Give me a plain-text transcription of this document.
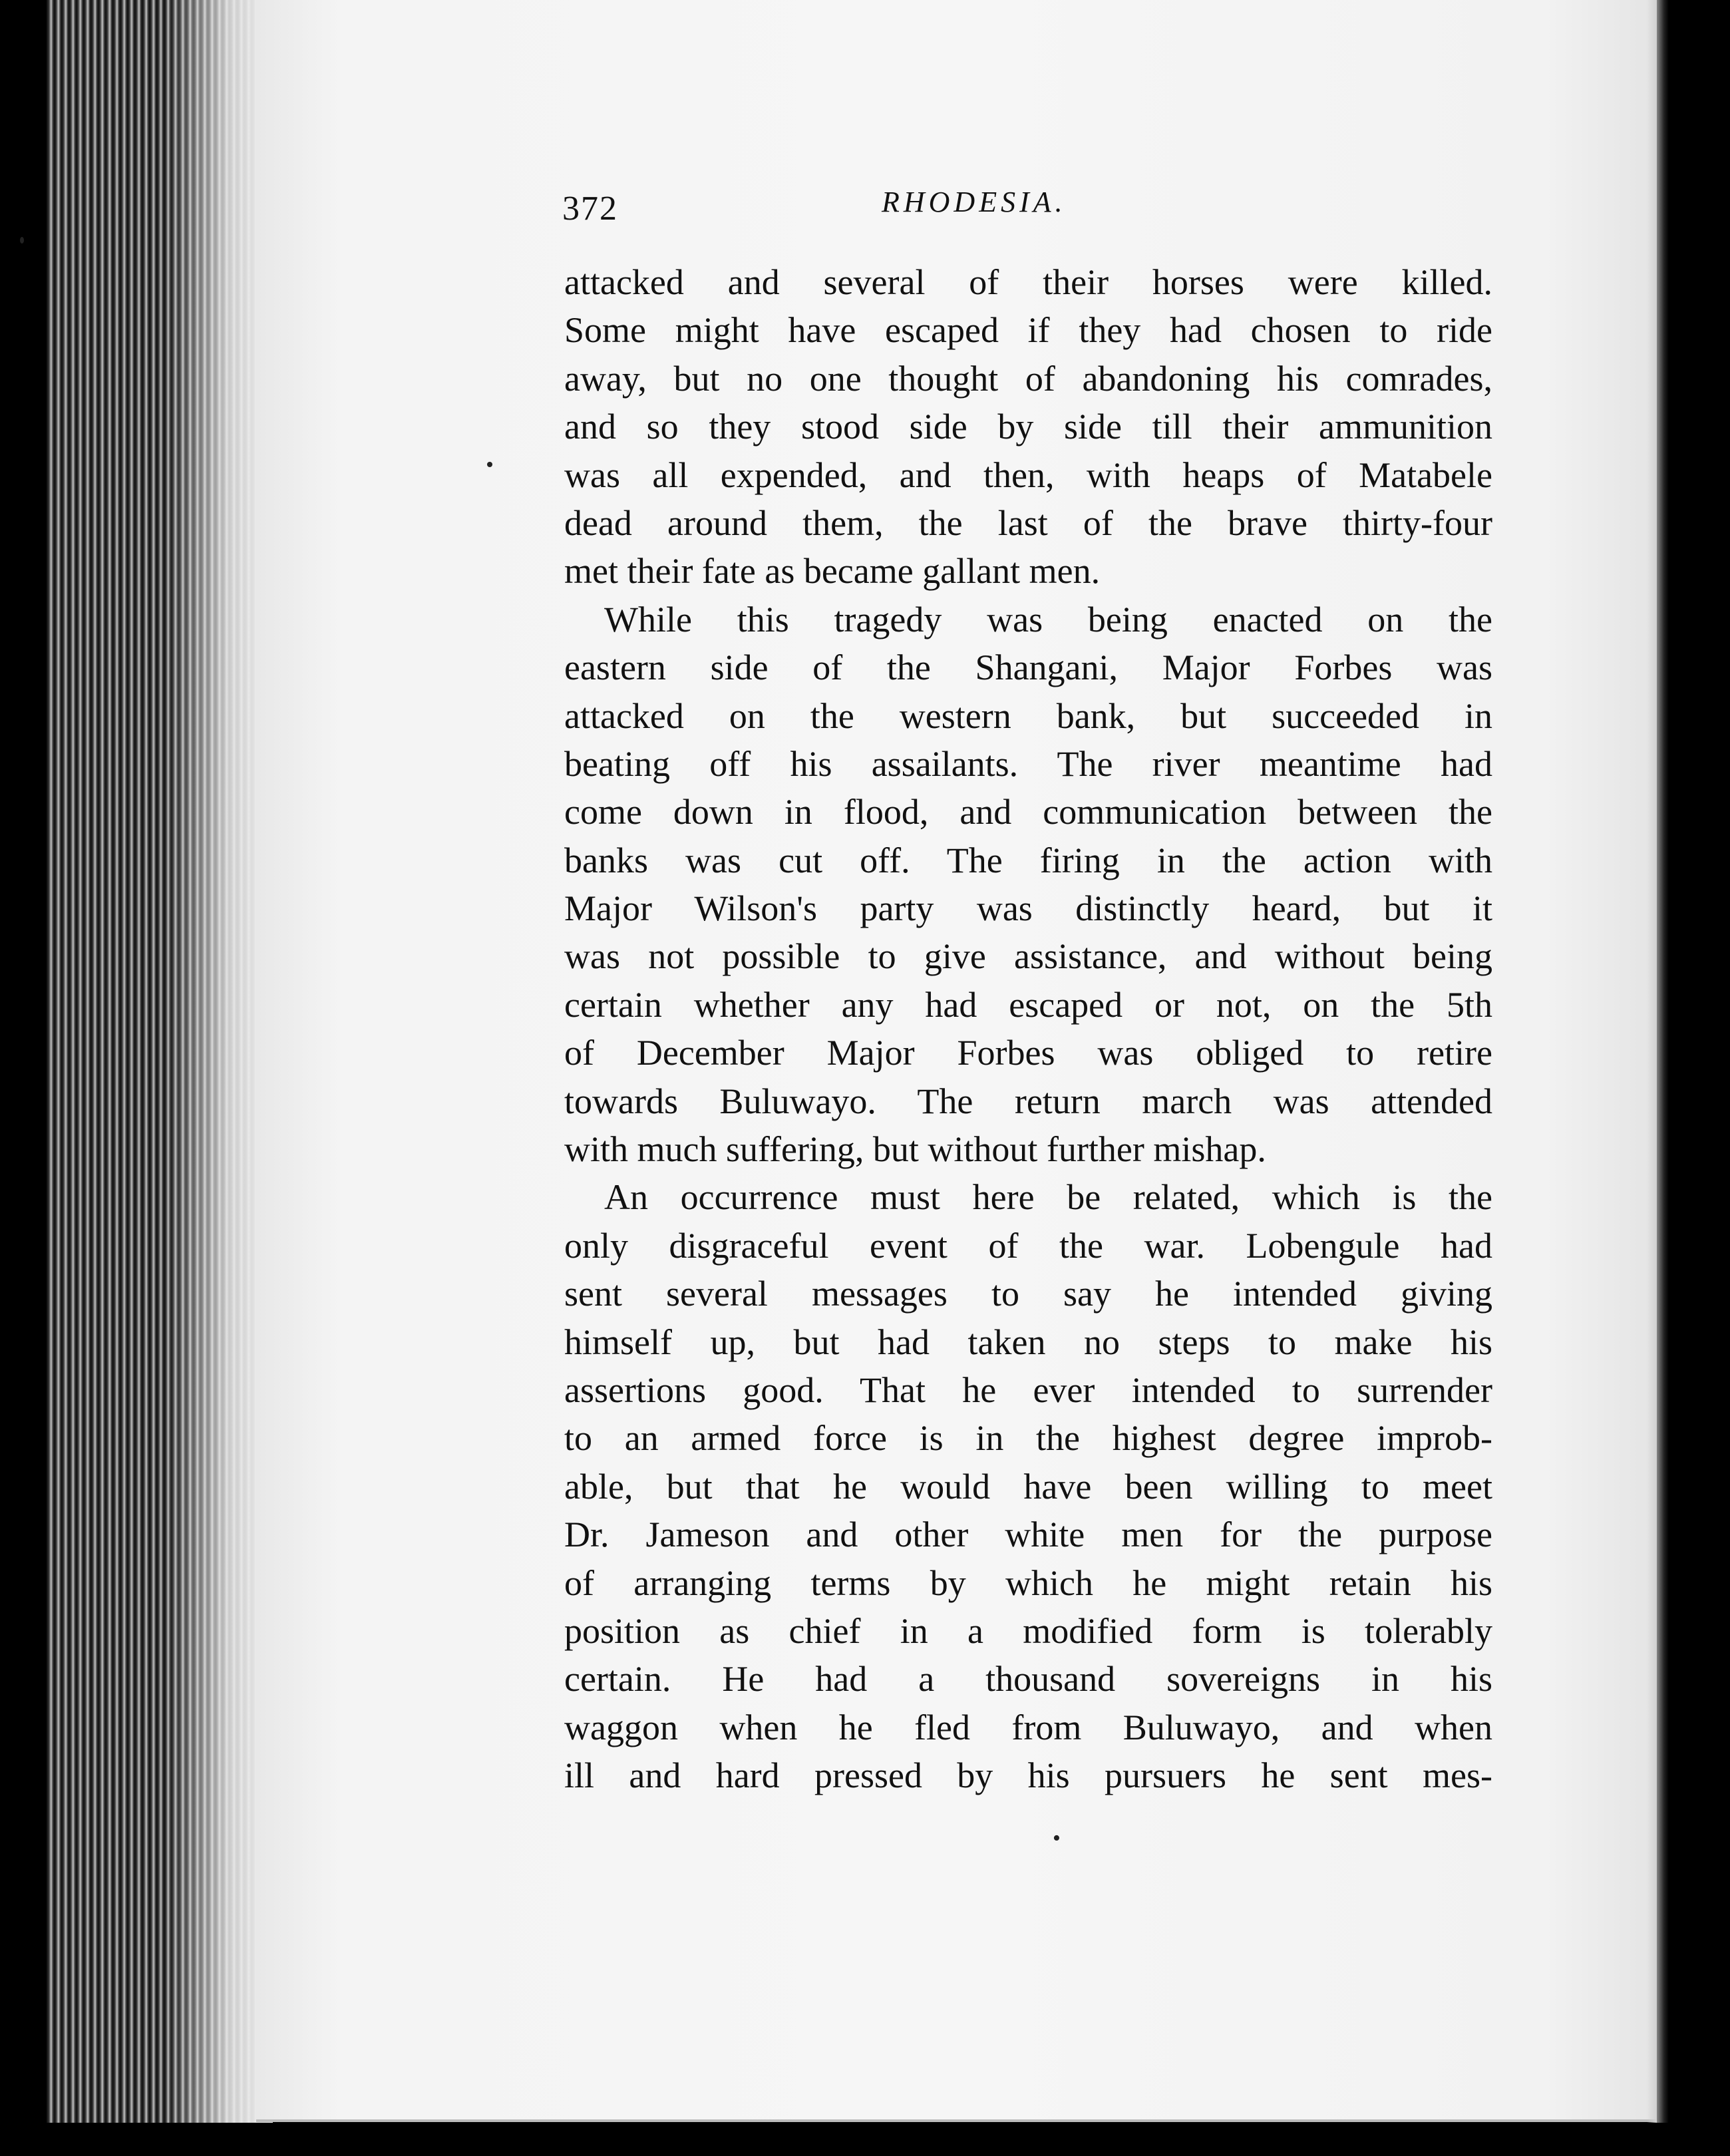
372	RHODESIA.
attacked and several of their horses were killed.
Some might have escaped if they had chosen to ride
away, but no one thought of abandoning his comrades,
and so they stood side by side till their ammunition
was all expended, and then, with heaps of Matabele
dead around them, the last of the brave thirty-four
met their fate as became gallant men.
While this tragedy was being enacted on the
eastern side of the Shangani, Major Forbes was
attacked on the western bank, but succeeded in
beating off his assailants. The river meantime had
come down in flood, and communication between the
banks was cut off. The firing in the action with
Major Wilson's party was distinctly heard, but it
was not possible to give assistance, and without being
certain whether any had escaped or not, on the 5th
of December Major Forbes was obliged to retire
towards Buluwayo. The return march was attended
with much suffering, but without further mishap.
An occurrence must here be related, which is the
only disgraceful event of the war. Lobengule had
sent several messages to say he intended giving
himself up, but had taken no steps to make his
assertions good. That he ever intended to surrender
to an armed force is in the highest degree improb-
able, but that he would have been willing to meet
Dr. Jameson and other white men for the purpose
of arranging terms by which he might retain his
position as chief in a modified form is tolerably
certain. He had a thousand sovereigns in his
waggon when he fled from Buluwayo, and when
ill and hard pressed by his pursuers he sent mes-
•
